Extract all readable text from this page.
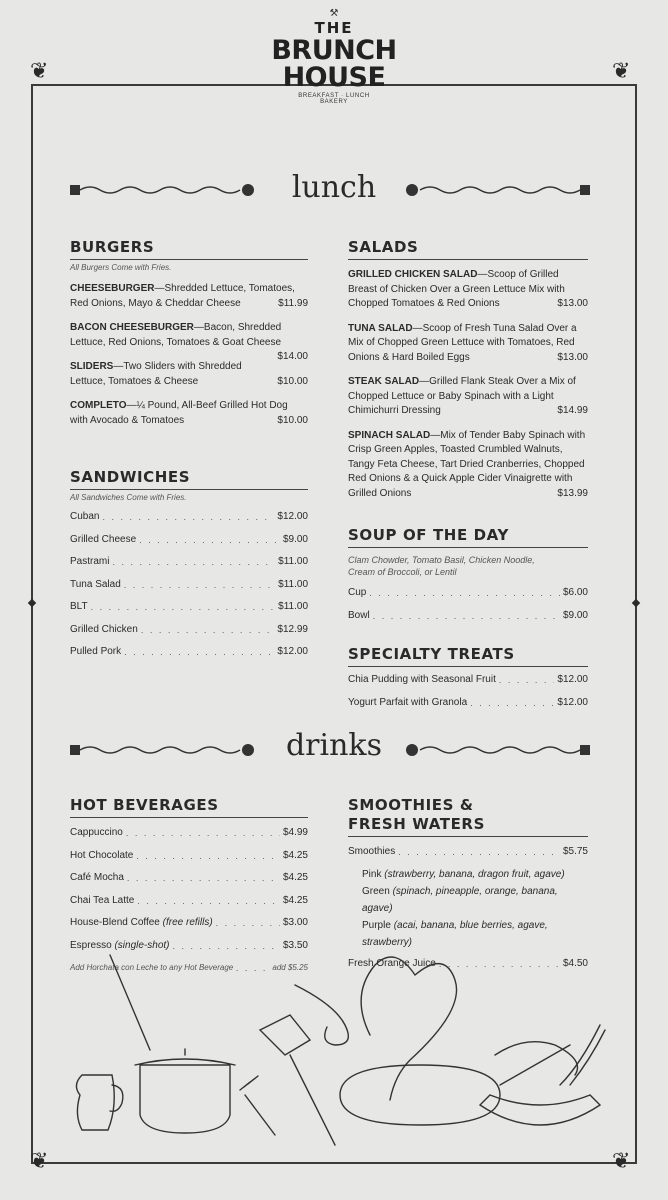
❦	❦
❦	❦
⚒
THE
BRUNCH
HOUSE
BREAKFAST · LUNCH
BAKERY
lunch
BURGERS
All Burgers Come with Fries.
CHEESEBURGER—Shredded Lettuce, Tomatoes, Red Onions, Mayo & Cheddar Cheese	$11.99
BACON CHEESEBURGER—Bacon, Shredded Lettuce, Red Onions, Tomatoes & Goat Cheese
$14.00
SLIDERS—Two Sliders with Shredded Lettuce, Tomatoes & Cheese	$10.00
COMPLETO—¼ Pound, All-Beef Grilled Hot Dog with Avocado & Tomatoes	$10.00
SANDWICHES
All Sandwiches Come with Fries.
Cuban . . .	$12.00
Grilled Cheese . . .	$9.00
Pastrami . . .	$11.00
Tuna Salad . . .	$11.00
BLT . . .	$11.00
Grilled Chicken . . .	$12.99
Pulled Pork . . .	$12.00
SALADS
GRILLED CHICKEN SALAD—Scoop of Grilled Breast of Chicken Over a Green Lettuce Mix with Chopped Tomatoes & Red Onions	$13.00
TUNA SALAD—Scoop of Fresh Tuna Salad Over a Mix of Chopped Green Lettuce with Tomatoes, Red Onions & Hard Boiled Eggs	$13.00
STEAK SALAD—Grilled Flank Steak Over a Mix of Chopped Lettuce or Baby Spinach with a Light Chimichurri Dressing	$14.99
SPINACH SALAD—Mix of Tender Baby Spinach with Crisp Green Apples, Toasted Crumbled Walnuts, Tangy Feta Cheese, Tart Dried Cranberries, Chopped Red Onions & a Quick Apple Cider Vinaigrette with Grilled Onions	$13.99
SOUP OF THE DAY
Clam Chowder, Tomato Basil, Chicken Noodle, Cream of Broccoli, or Lentil
Cup . . .	$6.00
Bowl . . .	$9.00
SPECIALTY TREATS
Chia Pudding with Seasonal Fruit . . .	$12.00
Yogurt Parfait with Granola . . .	$12.00
drinks
HOT BEVERAGES
Cappuccino . . .	$4.99
Hot Chocolate . . .	$4.25
Café Mocha . . .	$4.25
Chai Tea Latte . . .	$4.25
House-Blend Coffee (free refills) . . .	$3.00
Espresso (single-shot) . . .	$3.50
Add Horchata con Leche to any Hot Beverage . . .	add $5.25
SMOOTHIES &
FRESH WATERS
Smoothies . . .	$5.75
Pink (strawberry, banana, dragon fruit, agave)
Green (spinach, pineapple, orange, banana, agave)
Purple (acai, banana, blue berries, agave, strawberry)
Fresh Orange Juice . . .	$4.50
